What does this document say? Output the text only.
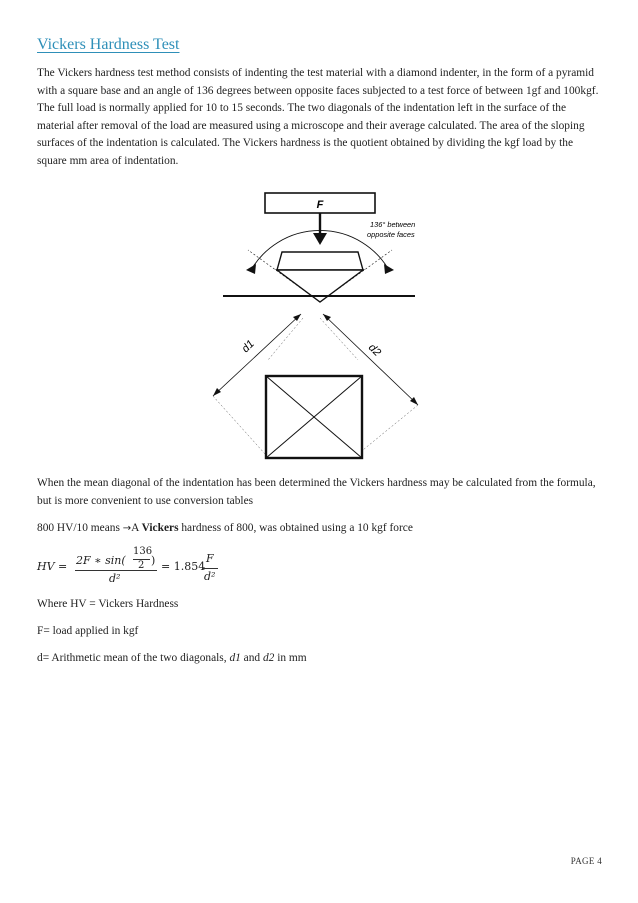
Vickers Hardness Test

The Vickers hardness test method consists of indenting the test material with a diamond indenter, in the form of a pyramid with a square base and an angle of 136 degrees between opposite faces subjected to a test force of between 1gf and 100kgf. The full load is normally applied for 10 to 15 seconds. The two diagonals of the indentation left in the surface of the material after removal of the load are measured using a microscope and their average calculated. The area of the sloping surfaces of the indentation is calculated. The Vickers hardness is the quotient obtained by dividing the kgf load by the square mm area of indentation.

F
136° between
opposite faces
d1	d2

When the mean diagonal of the indentation has been determined the Vickers hardness may be calculated from the formula, but is more convenient to use conversion tables

800 HV/10 means →A Vickers hardness of 800, was obtained using a 10 kgf force

HV = 2F ∗ sin(
136
2 )
d²
= 1.854
F
d²

Where HV = Vickers Hardness

F= load applied in kgf

d= Arithmetic mean of the two diagonals, d1 and d2 in mm

PAGE 4
